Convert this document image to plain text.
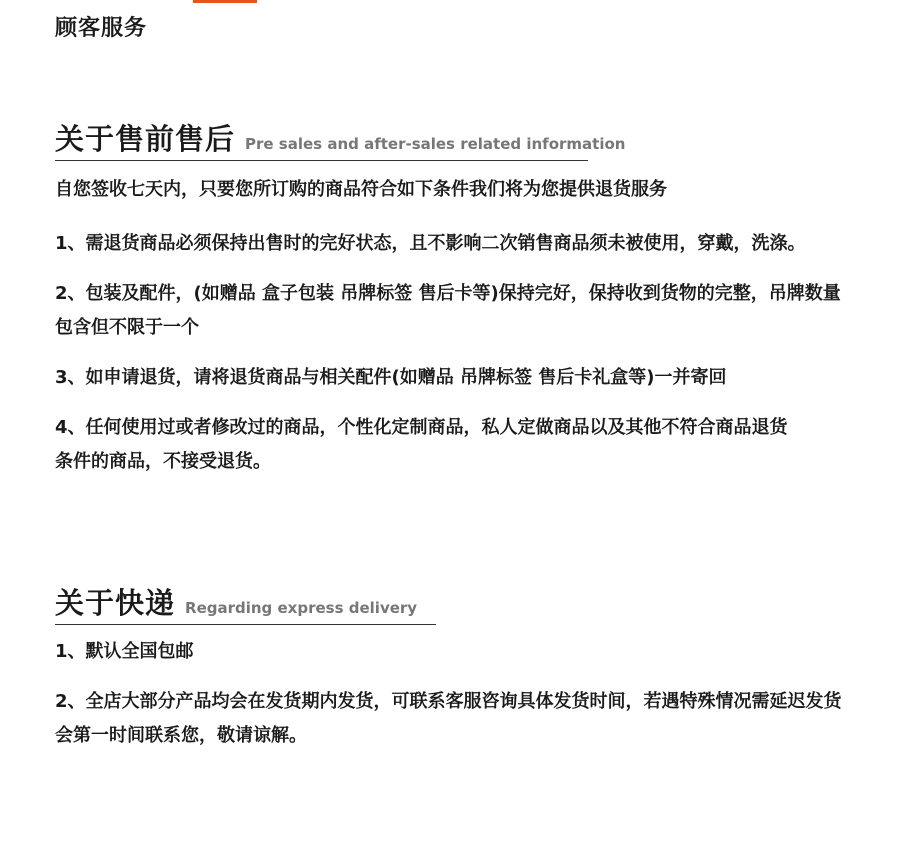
顾客服务
关于售前售后 Pre sales and after-sales related information

自您签收七天内，只要您所订购的商品符合如下条件我们将为您提供退货服务

1、需退货商品必须保持出售时的完好状态，且不影响二次销售商品须未被使用，穿戴，洗涤。

2、包装及配件，(如赠品 盒子包装 吊牌标签 售后卡等)保持完好，保持收到货物的完整，吊牌数量包含但不限于一个

3、如申请退货，请将退货商品与相关配件(如赠品 吊牌标签 售后卡礼盒等)一并寄回

4、任何使用过或者修改过的商品，个性化定制商品，私人定做商品以及其他不符合商品退货条件的商品，不接受退货。

关于快递 Regarding express delivery

1、默认全国包邮

2、全店大部分产品均会在发货期内发货，可联系客服咨询具体发货时间，若遇特殊情况需延迟发货会第一时间联系您，敬请谅解。
